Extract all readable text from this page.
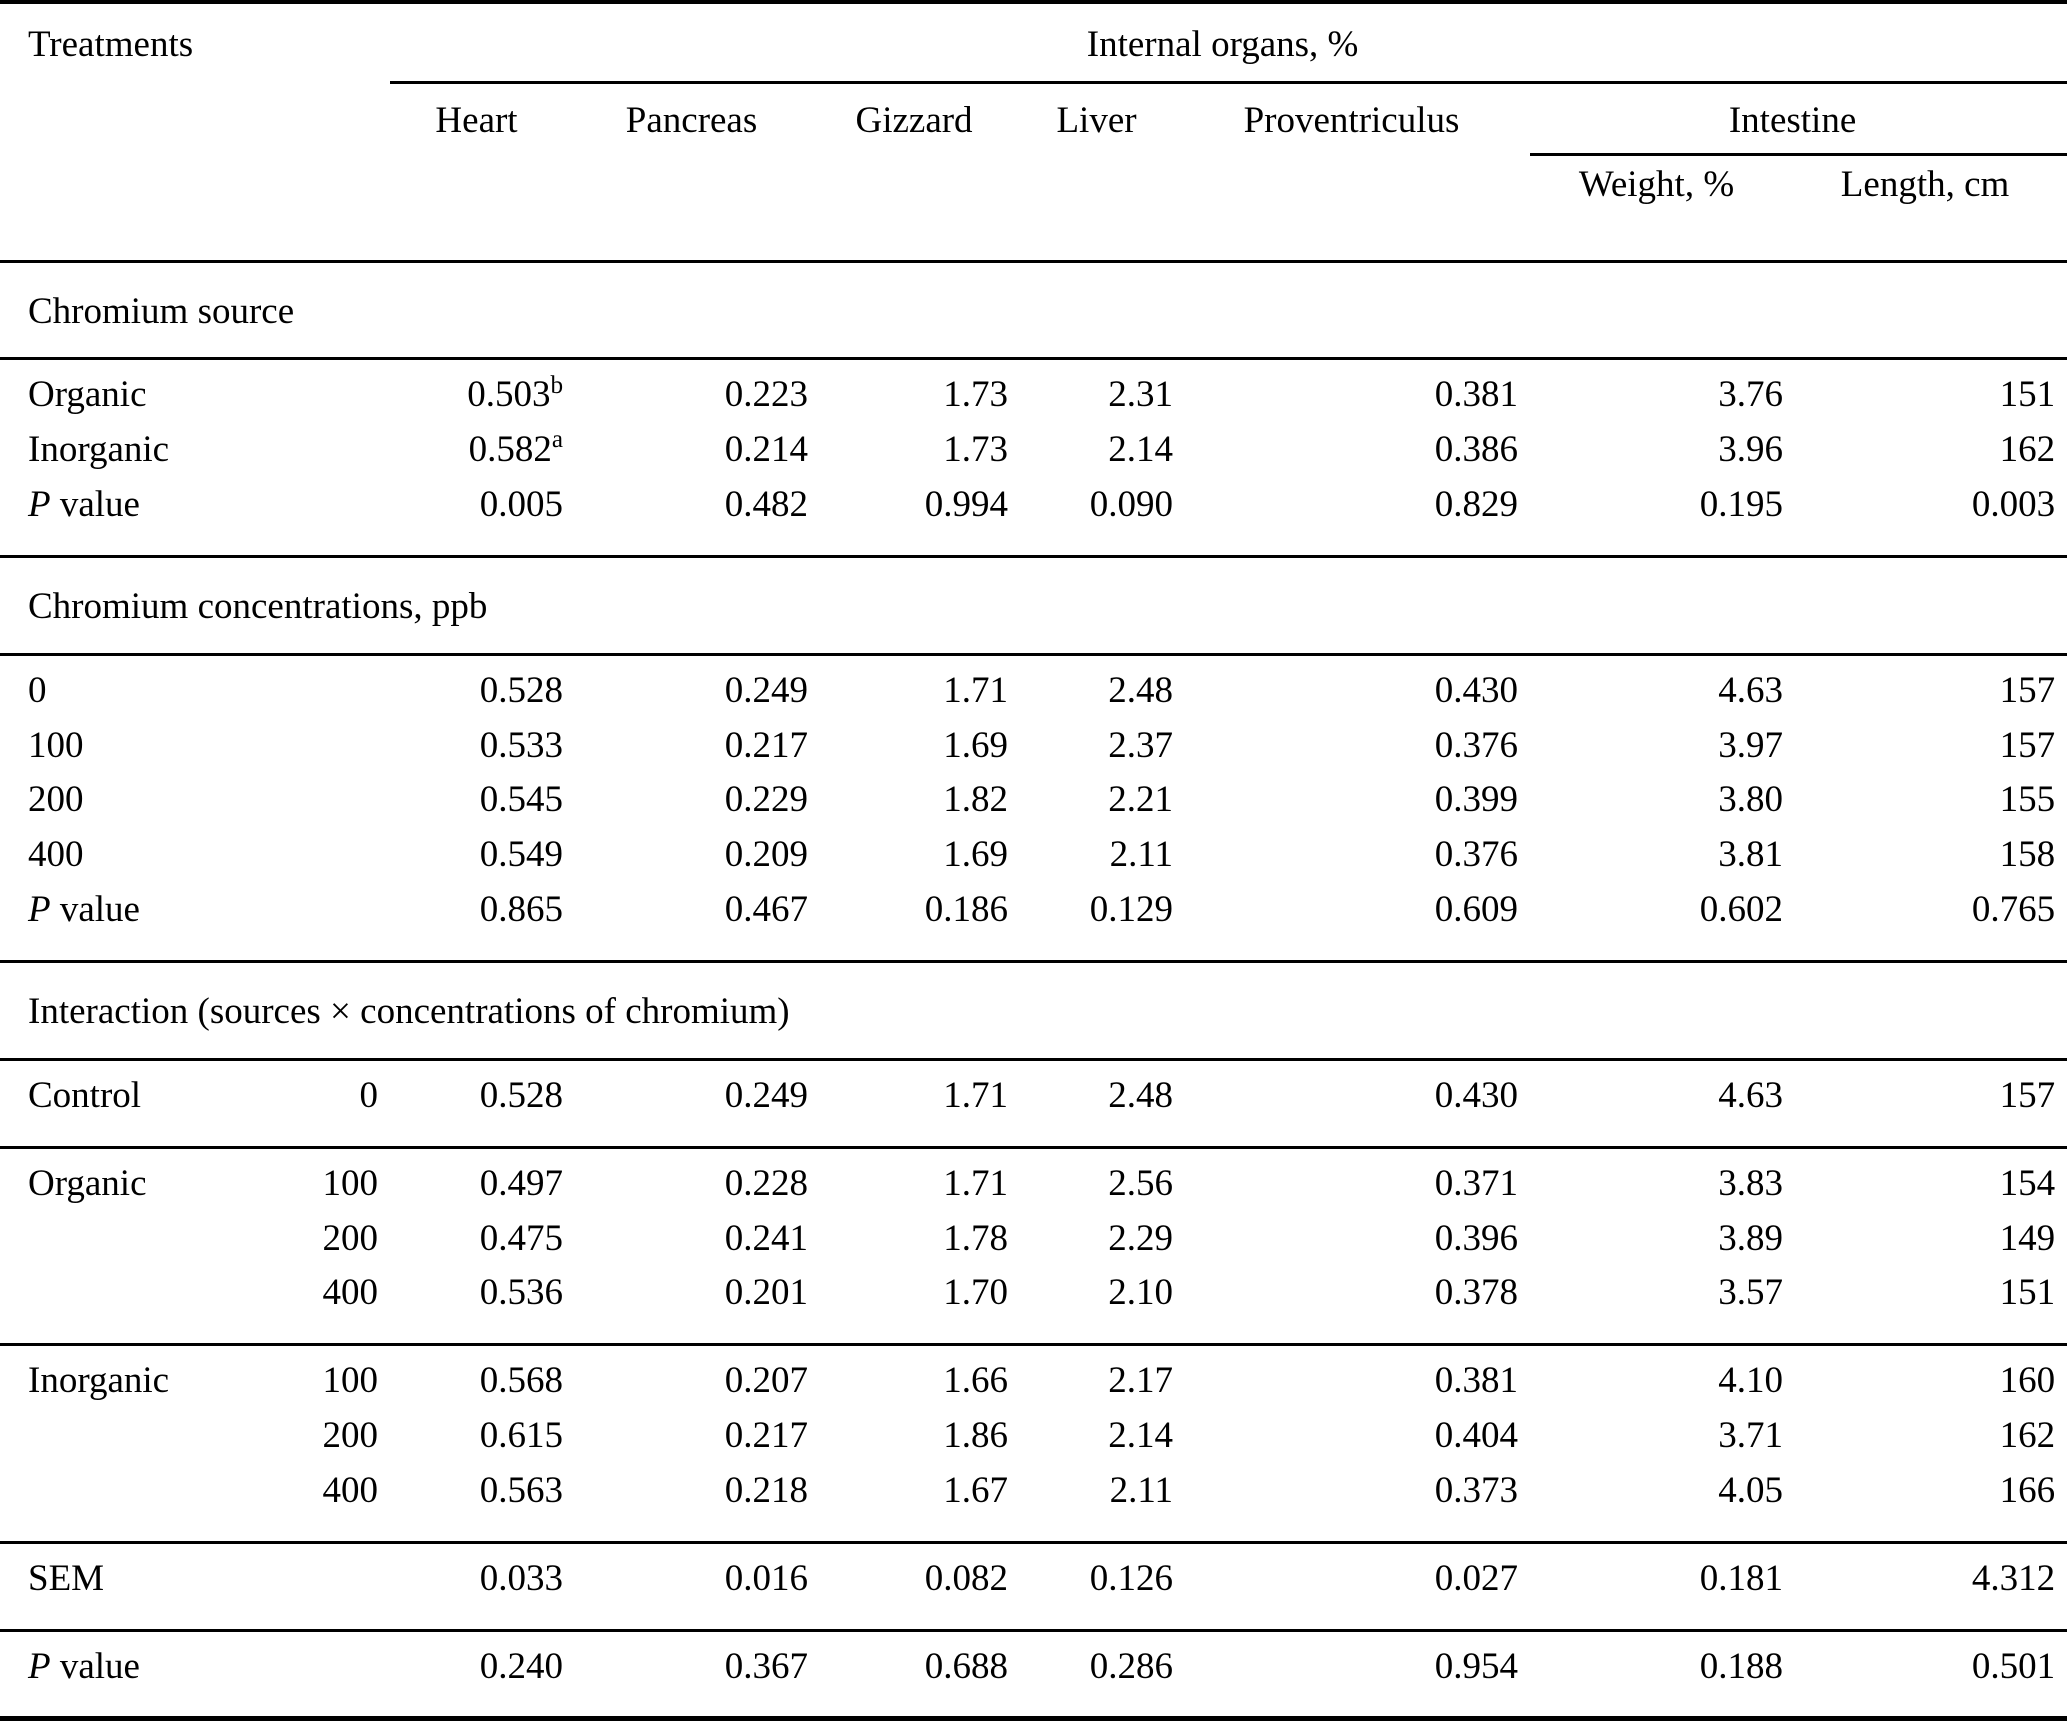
Treatments		Internal organs, %						
		Heart	Pancreas	Gizzard	Liver	Proventriculus	Intestine	
							Weight, %	Length, cm
Chromium source								
Organic		0.503$^b$	0.223	1.73	2.31	0.381	3.76	151
Inorganic		0.582$^a$	0.214	1.73	2.14	0.386	3.96	162
P value		0.005	0.482	0.994	0.090	0.829	0.195	0.003
Chromium concentrations, ppb								
0		0.528	0.249	1.71	2.48	0.430	4.63	157
100		0.533	0.217	1.69	2.37	0.376	3.97	157
200		0.545	0.229	1.82	2.21	0.399	3.80	155
400		0.549	0.209	1.69	2.11	0.376	3.81	158
P value		0.865	0.467	0.186	0.129	0.609	0.602	0.765
Interaction (sources × concentrations of chromium)								
Control	0	0.528	0.249	1.71	2.48	0.430	4.63	157
Organic	100	0.497	0.228	1.71	2.56	0.371	3.83	154
	200	0.475	0.241	1.78	2.29	0.396	3.89	149
	400	0.536	0.201	1.70	2.10	0.378	3.57	151
Inorganic	100	0.568	0.207	1.66	2.17	0.381	4.10	160
	200	0.615	0.217	1.86	2.14	0.404	3.71	162
	400	0.563	0.218	1.67	2.11	0.373	4.05	166
SEM		0.033	0.016	0.082	0.126	0.027	0.181	4.312
P value		0.240	0.367	0.688	0.286	0.954	0.188	0.501
